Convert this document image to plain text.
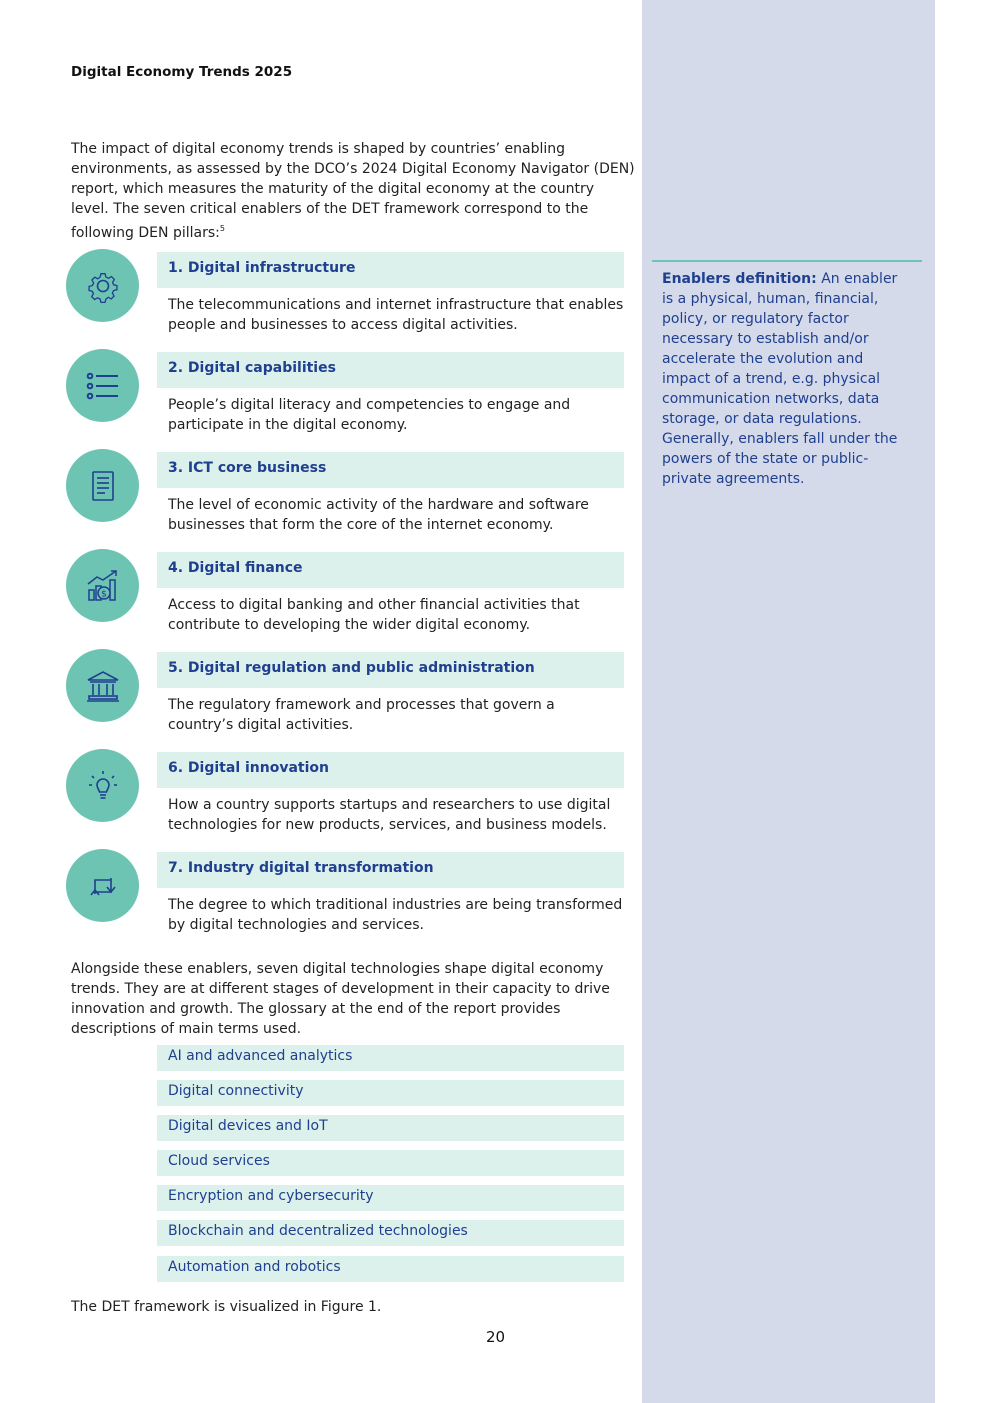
Digital Economy Trends 2025

The impact of digital economy trends is shaped by countries’ enabling environments, as assessed by the DCO’s 2024 Digital Economy Navigator (DEN) report, which measures the maturity of the digital economy at the country level. The seven critical enablers of the DET framework correspond to the following DEN pillars:$^5$

1. Digital infrastructure

The telecommunications and internet infrastructure that enables people and businesses to access digital activities.

2. Digital capabilities

People’s digital literacy and competencies to engage and participate in the digital economy.

3. ICT core business

The level of economic activity of the hardware and software businesses that form the core of the internet economy.

$
4. Digital finance

Access to digital banking and other financial activities that contribute to developing the wider digital economy.

5. Digital regulation and public administration

The regulatory framework and processes that govern a country’s digital activities.

6. Digital innovation

How a country supports startups and researchers to use digital technologies for new products, services, and business models.

7. Industry digital transformation

The degree to which traditional industries are being transformed by digital technologies and services.

Alongside these enablers, seven digital technologies shape digital economy trends. They are at different stages of development in their capacity to drive innovation and growth. The glossary at the end of the report provides descriptions of main terms used.

AI and advanced analytics
Digital connectivity
Digital devices and IoT
Cloud services
Encryption and cybersecurity
Blockchain and decentralized technologies
Automation and robotics

The DET framework is visualized in Figure 1.

20

Enablers definition: An enabler is a physical, human, financial, policy, or regulatory factor necessary to establish and/or accelerate the evolution and impact of a trend, e.g. physical communication networks, data storage, or data regulations. Generally, enablers fall under the powers of the state or public-private agreements.
